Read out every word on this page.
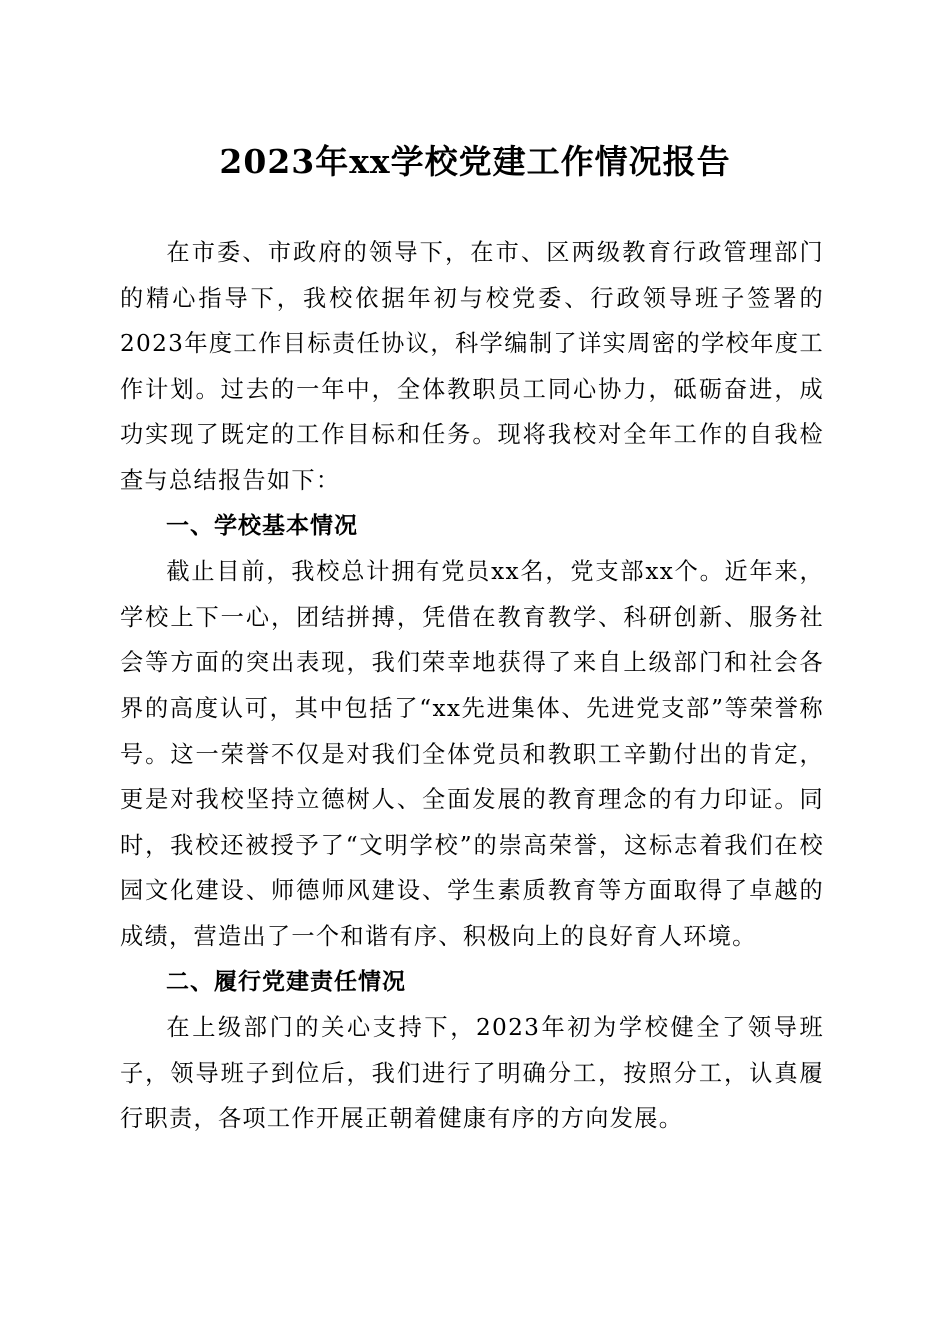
2023年xx学校党建工作情况报告

在市委、市政府的领导下，在市、区两级教育行政管理部门的精心指导下，我校依据年初与校党委、行政领导班子签署的2023年度工作目标责任协议，科学编制了详实周密的学校年度工作计划。过去的一年中，全体教职员工同心协力，砥砺奋进，成功实现了既定的工作目标和任务。现将我校对全年工作的自我检查与总结报告如下：

一、学校基本情况

截止目前，我校总计拥有党员xx名，党支部xx个。近年来，学校上下一心，团结拼搏，凭借在教育教学、科研创新、服务社会等方面的突出表现，我们荣幸地获得了来自上级部门和社会各界的高度认可，其中包括了“xx先进集体、先进党支部”等荣誉称号。这一荣誉不仅是对我们全体党员和教职工辛勤付出的肯定，更是对我校坚持立德树人、全面发展的教育理念的有力印证。同时，我校还被授予了“文明学校”的崇高荣誉，这标志着我们在校园文化建设、师德师风建设、学生素质教育等方面取得了卓越的成绩，营造出了一个和谐有序、积极向上的良好育人环境。

二、履行党建责任情况

在上级部门的关心支持下，2023年初为学校健全了领导班子，领导班子到位后，我们进行了明确分工，按照分工，认真履行职责，各项工作开展正朝着健康有序的方向发展。
